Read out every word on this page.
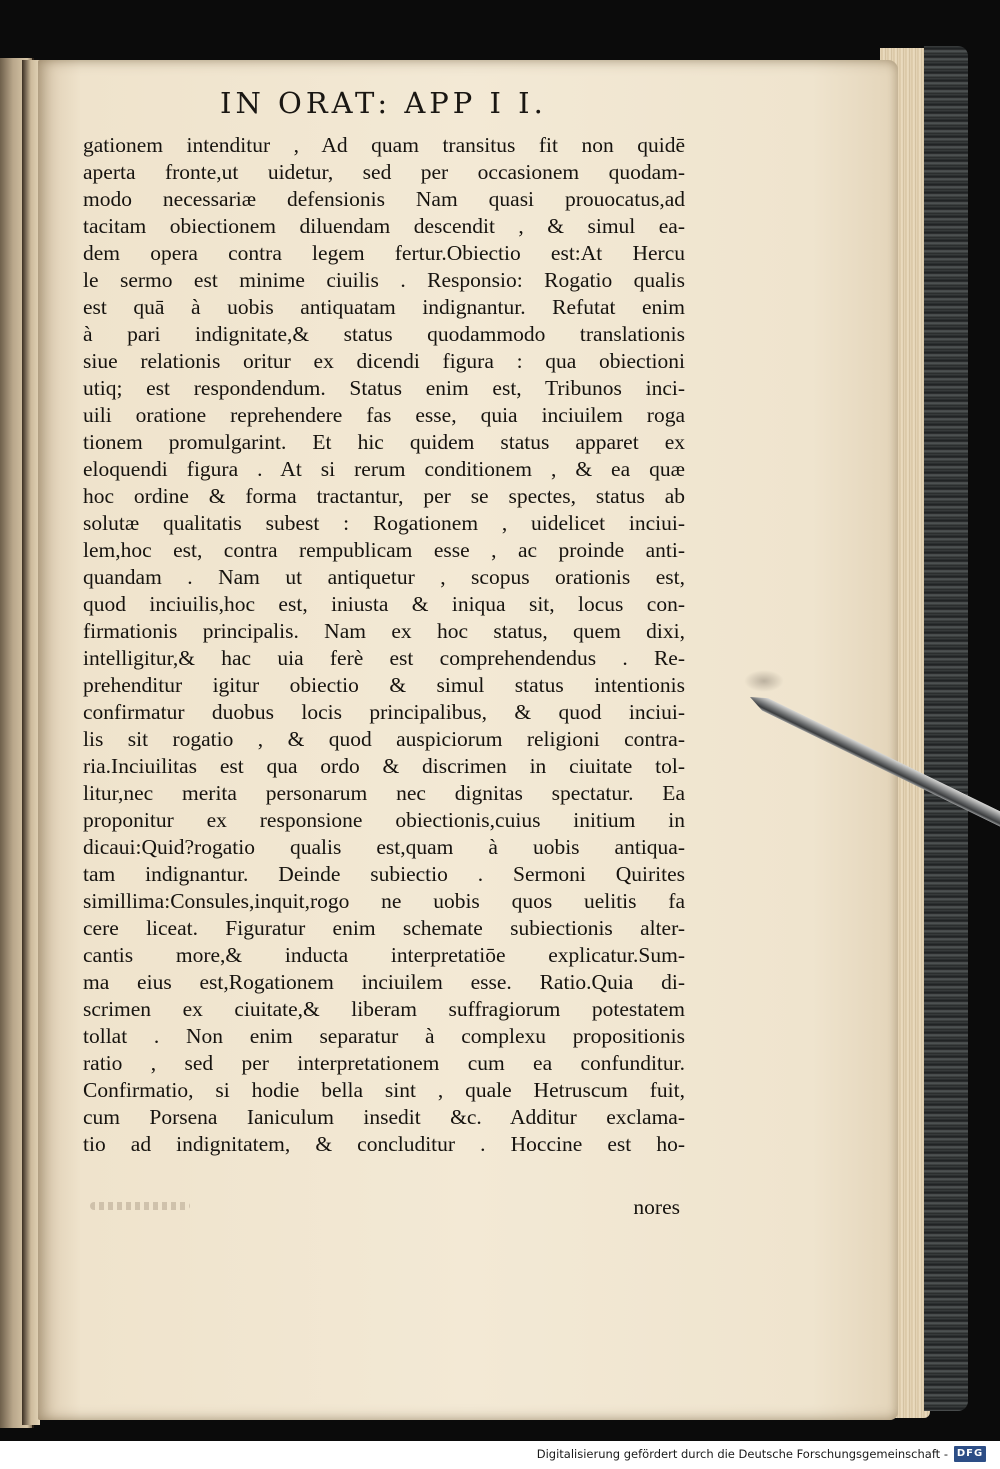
IN ORAT: APP I I.
gationem intenditur , Ad quam transitus fit non quidē
aperta fronte,ut uidetur, sed per occasionem quodam-
modo necessariæ defensionis Nam quasi prouocatus,ad
tacitam obiectionem diluendam descendit , & simul ea-
dem opera contra legem fertur.Obiectio est:At Hercu
le sermo est minime ciuilis . Responsio: Rogatio qualis
est quā à uobis antiquatam indignantur. Refutat enim
à pari indignitate,& status quodammodo translationis
siue relationis oritur ex dicendi figura : qua obiectioni
utiq; est respondendum. Status enim est, Tribunos inci-
uili oratione reprehendere fas esse, quia inciuilem roga
tionem promulgarint. Et hic quidem status apparet ex
eloquendi figura . At si rerum conditionem , & ea quæ
hoc ordine & forma tractantur, per se spectes, status ab
solutæ qualitatis subest : Rogationem , uidelicet inciui-
lem,hoc est, contra rempublicam esse , ac proinde anti-
quandam . Nam ut antiquetur , scopus orationis est,
quod inciuilis,hoc est, iniusta & iniqua sit, locus con-
firmationis principalis. Nam ex hoc status, quem dixi,
intelligitur,& hac uia ferè est comprehendendus . Re-
prehenditur igitur obiectio & simul status intentionis
confirmatur duobus locis principalibus, & quod inciui-
lis sit rogatio , & quod auspiciorum religioni contra-
ria.Inciuilitas est qua ordo & discrimen in ciuitate tol-
litur,nec merita personarum nec dignitas spectatur. Ea
proponitur ex responsione obiectionis,cuius initium in
dicaui:Quid?rogatio qualis est,quam à uobis antiqua-
tam indignantur. Deinde subiectio . Sermoni Quirites
simillima:Consules,inquit,rogo ne uobis quos uelitis fa
cere liceat. Figuratur enim schemate subiectionis alter-
cantis more,& inducta interpretatiōe explicatur.Sum-
ma eius est,Rogationem inciuilem esse. Ratio.Quia di-
scrimen ex ciuitate,& liberam suffragiorum potestatem
tollat . Non enim separatur à complexu propositionis
ratio , sed per interpretationem cum ea confunditur.
Confirmatio, si hodie bella sint , quale Hetruscum fuit,
cum Porsena Ianiculum insedit &c. Additur exclama-
tio ad indignitatem, & concluditur . Hoccine est ho-
nores
Digitalisierung gefördert durch die Deutsche Forschungsgemeinschaft - DFG
